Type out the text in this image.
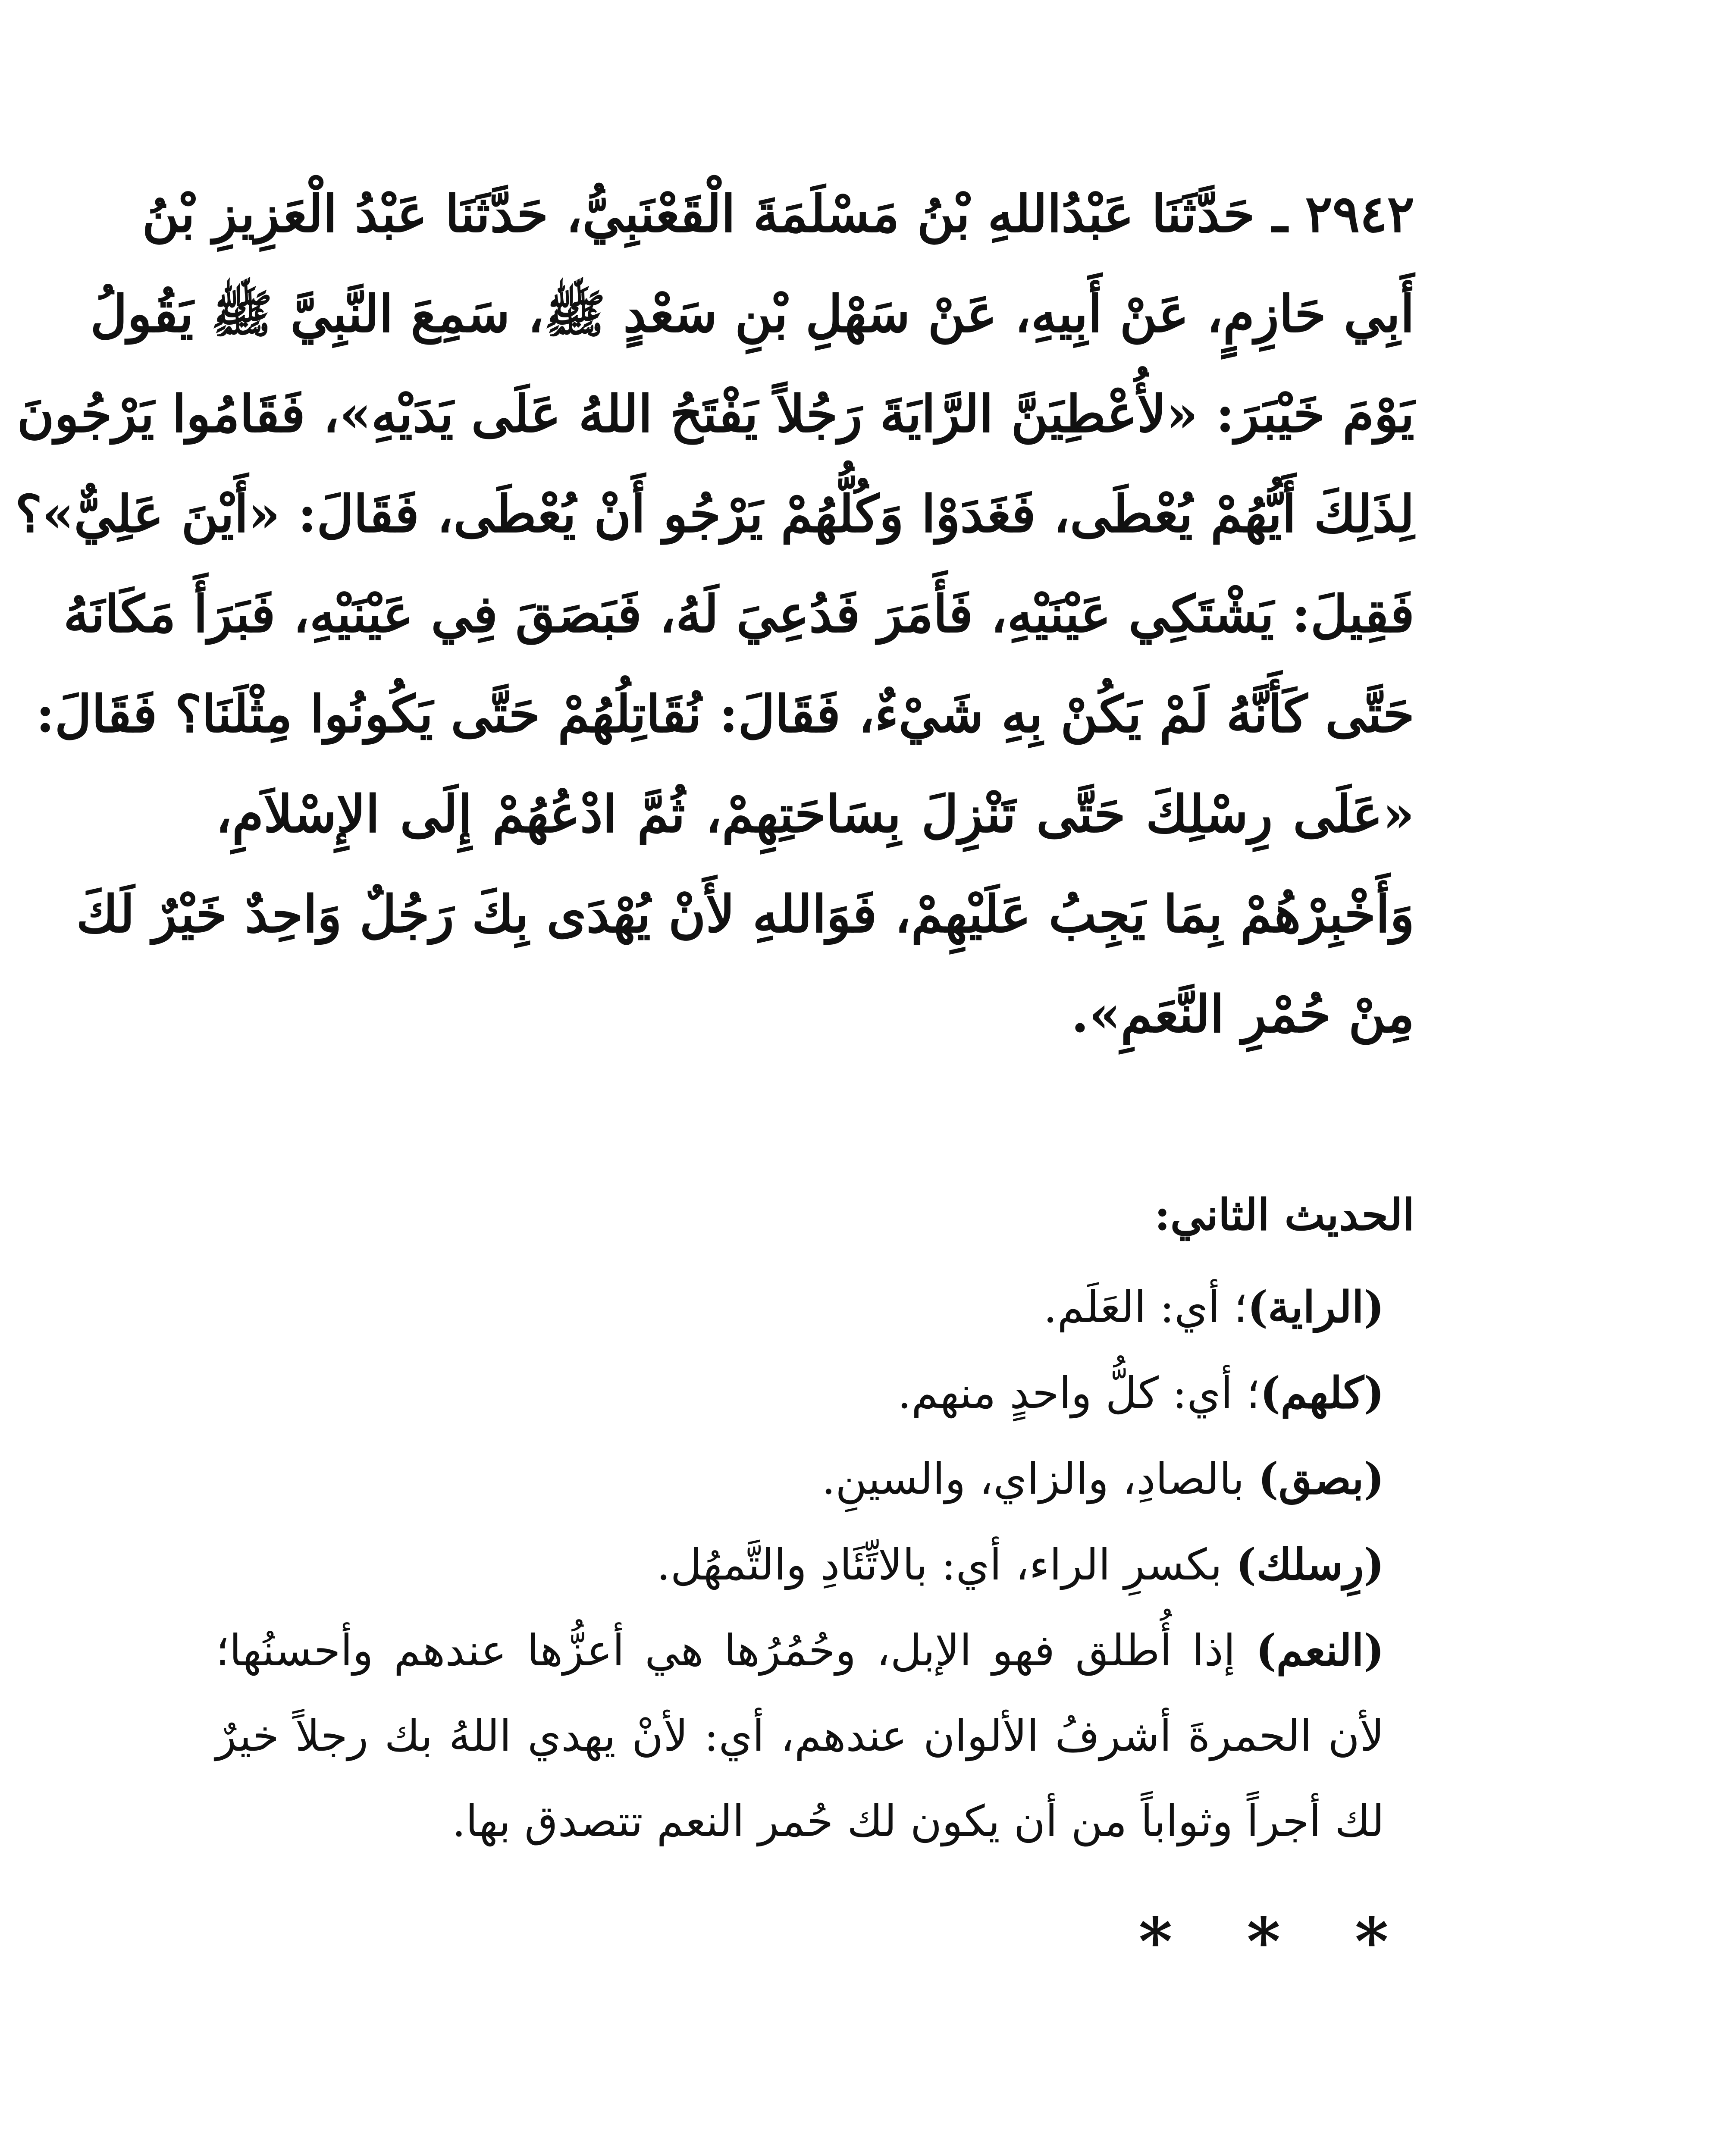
٢٩٤٢ ـ حَدَّثَنَا عَبْدُاللهِ بْنُ مَسْلَمَةَ الْقَعْنَبِيُّ، حَدَّثَنَا عَبْدُ الْعَزِيزِ بْنُ
أَبِي حَازِمٍ، عَنْ أَبِيهِ، عَنْ سَهْلِ بْنِ سَعْدٍ ﷺ، سَمِعَ النَّبِيَّ ﷺ يَقُولُ
يَوْمَ خَيْبَرَ: «لأُعْطِيَنَّ الرَّايَةَ رَجُلاً يَفْتَحُ اللهُ عَلَى يَدَيْهِ»، فَقَامُوا يَرْجُونَ
لِذَلِكَ أَيُّهُمْ يُعْطَى، فَغَدَوْا وَكُلُّهُمْ يَرْجُو أَنْ يُعْطَى، فَقَالَ: «أَيْنَ عَلِيٌّ»؟
فَقِيلَ: يَشْتَكِي عَيْنَيْهِ، فَأَمَرَ فَدُعِيَ لَهُ، فَبَصَقَ فِي عَيْنَيْهِ، فَبَرَأَ مَكَانَهُ
حَتَّى كَأَنَّهُ لَمْ يَكُنْ بِهِ شَيْءٌ، فَقَالَ: نُقَاتِلُهُمْ حَتَّى يَكُونُوا مِثْلَنَا؟ فَقَالَ:
«عَلَى رِسْلِكَ حَتَّى تَنْزِلَ بِسَاحَتِهِمْ، ثُمَّ ادْعُهُمْ إِلَى الإِسْلاَمِ،
وَأَخْبِرْهُمْ بِمَا يَجِبُ عَلَيْهِمْ، فَوَاللهِ لأَنْ يُهْدَى بِكَ رَجُلٌ وَاحِدٌ خَيْرٌ لَكَ
مِنْ حُمْرِ النَّعَمِ».

الحديث الثاني:

(الراية)؛ أي: العَلَم.

(كلهم)؛ أي: كلُّ واحدٍ منهم.

(بصق) بالصادِ، والزاي، والسينِ.

(رِسلك) بكسرِ الراء، أي: بالاتِّئَادِ والتَّمهُل.

(النعم) إذا أُطلق فهو الإبل، وحُمُرُها هي أعزُّها عندهم وأحسنُها؛ لأن الحمرةَ أشرفُ الألوان عندهم، أي: لأنْ يهدي اللهُ بك رجلاً خيرٌ لك أجراً وثواباً من أن يكون لك حُمر النعم تتصدق بها.

* * *
